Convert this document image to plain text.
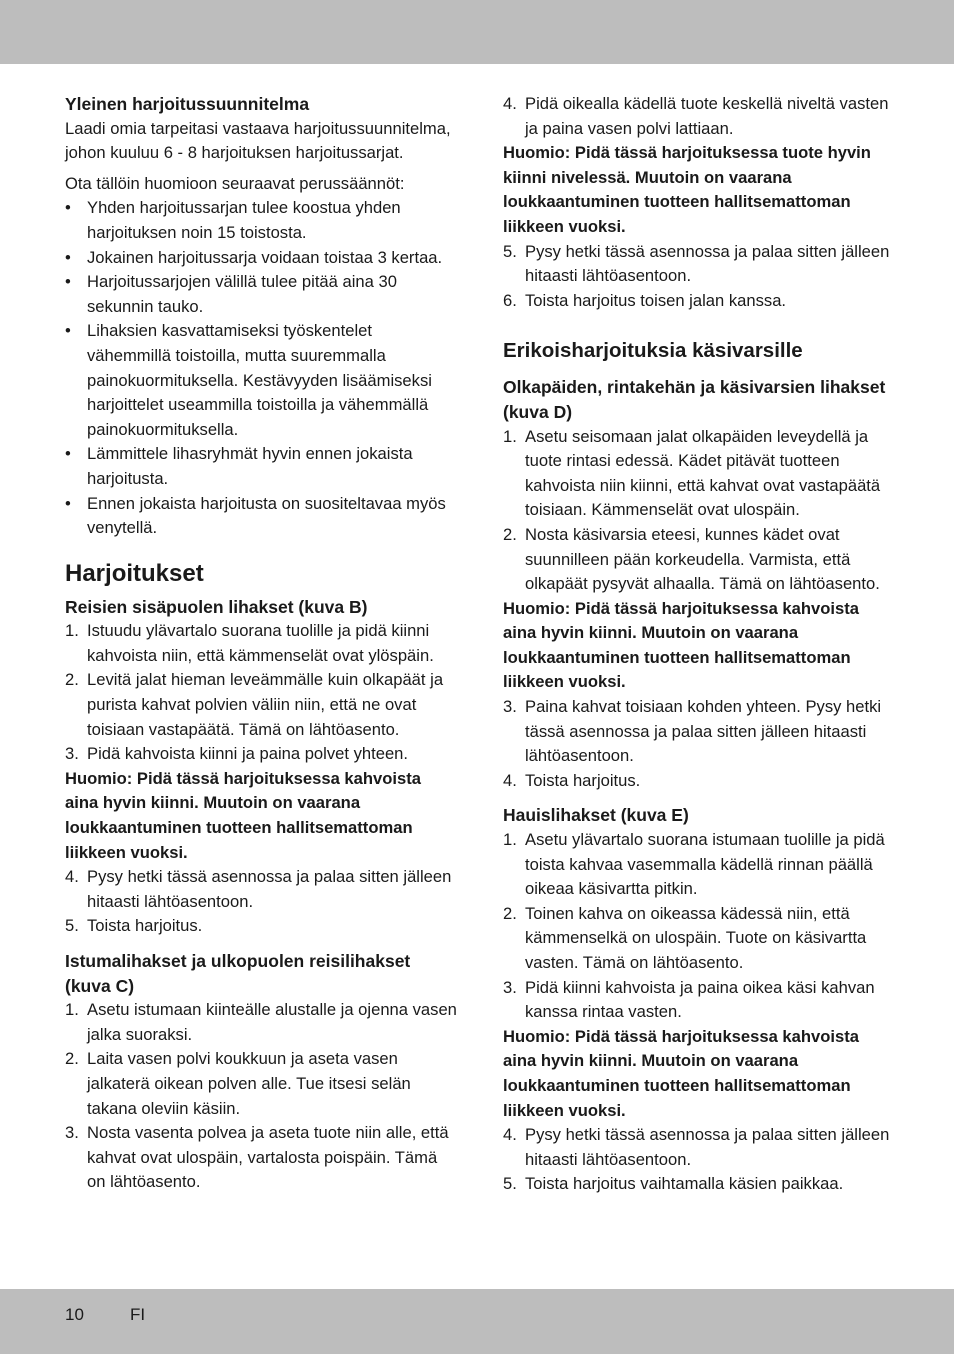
Yleinen harjoitussuunnitelma

Laadi omia tarpeitasi vastaava harjoitussuunnitelma, johon kuuluu 6 - 8 harjoituksen harjoitussarjat.

Ota tällöin huomioon seuraavat perussäännöt:

• Yhden harjoitussarjan tulee koostua yhden harjoituksen noin 15 toistosta.
• Jokainen harjoitussarja voidaan toistaa 3 kertaa.
• Harjoitussarjojen välillä tulee pitää aina 30 sekunnin tauko.
• Lihaksien kasvattamiseksi työskentelet vähemmillä toistoilla, mutta suuremmalla painokuormituksella. Kestävyyden lisäämiseksi harjoittelet useammilla toistoilla ja vähemmällä painokuormituksella.
• Lämmittele lihasryhmät hyvin ennen jokaista harjoitusta.
• Ennen jokaista harjoitusta on suositeltavaa myös venytellä.
Harjoitukset
Reisien sisäpuolen lihakset (kuva B)
1. Istuudu ylävartalo suorana tuolille ja pidä kiinni kahvoista niin, että kämmenselät ovat ylöspäin.
2. Levitä jalat hieman leveämmälle kuin olkapäät ja purista kahvat polvien väliin niin, että ne ovat toisiaan vastapäätä. Tämä on lähtöasento.
3. Pidä kahvoista kiinni ja paina polvet yhteen.

Huomio: Pidä tässä harjoituksessa kahvoista aina hyvin kiinni. Muutoin on vaarana loukkaantuminen tuotteen hallitsemattoman liikkeen vuoksi.

4. Pysy hetki tässä asennossa ja palaa sitten jälleen hitaasti lähtöasentoon.
5. Toista harjoitus.
Istumalihakset ja ulkopuolen reisilihakset (kuva C)
1. Asetu istumaan kiinteälle alustalle ja ojenna vasen jalka suoraksi.
2. Laita vasen polvi koukkuun ja aseta vasen jalkaterä oikean polven alle. Tue itsesi selän takana oleviin käsiin.
3. Nosta vasenta polvea ja aseta tuote niin alle, että kahvat ovat ulospäin, vartalosta poispäin. Tämä on lähtöasento.
4. Pidä oikealla kädellä tuote keskellä niveltä vasten ja paina vasen polvi lattiaan.

Huomio: Pidä tässä harjoituksessa tuote hyvin kiinni nivelessä. Muutoin on vaarana loukkaantuminen tuotteen hallitsemattoman liikkeen vuoksi.

5. Pysy hetki tässä asennossa ja palaa sitten jälleen hitaasti lähtöasentoon.
6. Toista harjoitus toisen jalan kanssa.
Erikoisharjoituksia käsivarsille
Olkapäiden, rintakehän ja käsivarsien lihakset (kuva D)
1. Asetu seisomaan jalat olkapäiden leveydellä ja tuote rintasi edessä. Kädet pitävät tuotteen kahvoista niin kiinni, että kahvat ovat vastapäätä toisiaan. Kämmenselät ovat ulospäin.
2. Nosta käsivarsia eteesi, kunnes kädet ovat suunnilleen pään korkeudella. Varmista, että olkapäät pysyvät alhaalla. Tämä on lähtöasento.

Huomio: Pidä tässä harjoituksessa kahvoista aina hyvin kiinni. Muutoin on vaarana loukkaantuminen tuotteen hallitsemattoman liikkeen vuoksi.

3. Paina kahvat toisiaan kohden yhteen. Pysy hetki tässä asennossa ja palaa sitten jälleen hitaasti lähtöasentoon.
4. Toista harjoitus.
Hauislihakset (kuva E)
1. Asetu ylävartalo suorana istumaan tuolille ja pidä toista kahvaa vasemmalla kädellä rinnan päällä oikeaa käsivartta pitkin.
2. Toinen kahva on oikeassa kädessä niin, että kämmenselkä on ulospäin. Tuote on käsivartta vasten. Tämä on lähtöasento.
3. Pidä kiinni kahvoista ja paina oikea käsi kahvan kanssa rintaa vasten.

Huomio: Pidä tässä harjoituksessa kahvoista aina hyvin kiinni. Muutoin on vaarana loukkaantuminen tuotteen hallitsemattoman liikkeen vuoksi.

4. Pysy hetki tässä asennossa ja palaa sitten jälleen hitaasti lähtöasentoon.
5. Toista harjoitus vaihtamalla käsien paikkaa.
10	FI
